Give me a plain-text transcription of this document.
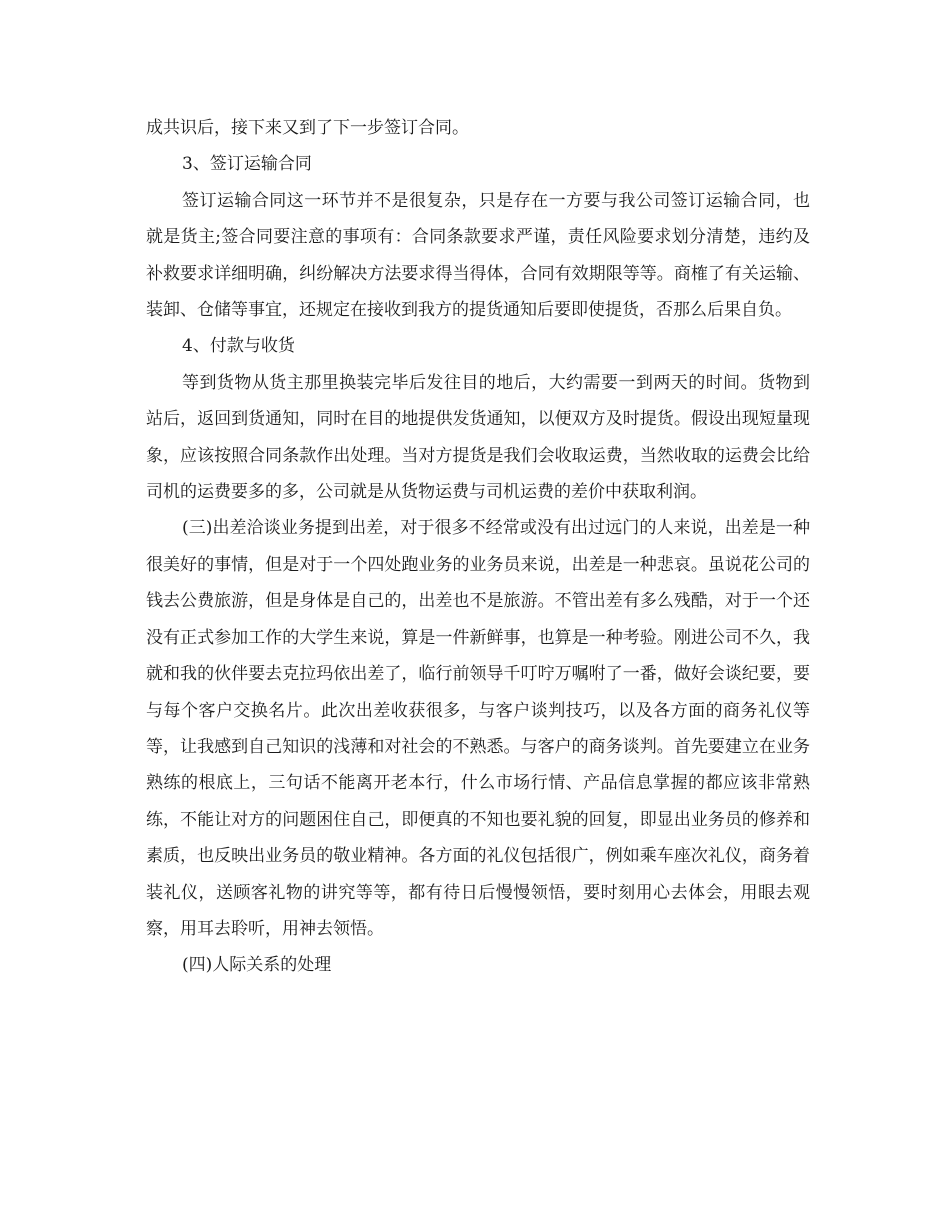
成共识后，接下来又到了下一步签订合同。

3、签订运输合同

签订运输合同这一环节并不是很复杂，只是存在一方要与我公司签订运输合同，也就是货主;签合同要注意的事项有：合同条款要求严谨，责任风险要求划分清楚，违约及补救要求详细明确，纠纷解决方法要求得当得体，合同有效期限等等。商榷了有关运输、装卸、仓储等事宜，还规定在接收到我方的提货通知后要即使提货，否那么后果自负。

4、付款与收货

等到货物从货主那里换装完毕后发往目的地后，大约需要一到两天的时间。货物到站后，返回到货通知，同时在目的地提供发货通知，以便双方及时提货。假设出现短量现象，应该按照合同条款作出处理。当对方提货是我们会收取运费，当然收取的运费会比给司机的运费要多的多，公司就是从货物运费与司机运费的差价中获取利润。

(三)出差洽谈业务提到出差，对于很多不经常或没有出过远门的人来说，出差是一种很美好的事情，但是对于一个四处跑业务的业务员来说，出差是一种悲哀。虽说花公司的钱去公费旅游，但是身体是自己的，出差也不是旅游。不管出差有多么残酷，对于一个还没有正式参加工作的大学生来说，算是一件新鲜事，也算是一种考验。刚进公司不久，我就和我的伙伴要去克拉玛依出差了，临行前领导千叮咛万嘱咐了一番，做好会谈纪要，要与每个客户交换名片。此次出差收获很多，与客户谈判技巧，以及各方面的商务礼仪等等，让我感到自己知识的浅薄和对社会的不熟悉。与客户的商务谈判。首先要建立在业务熟练的根底上，三句话不能离开老本行，什么市场行情、产品信息掌握的都应该非常熟练，不能让对方的问题困住自己，即便真的不知也要礼貌的回复，即显出业务员的修养和素质，也反映出业务员的敬业精神。各方面的礼仪包括很广，例如乘车座次礼仪，商务着装礼仪，送顾客礼物的讲究等等，都有待日后慢慢领悟，要时刻用心去体会，用眼去观察，用耳去聆听，用神去领悟。

(四)人际关系的处理
